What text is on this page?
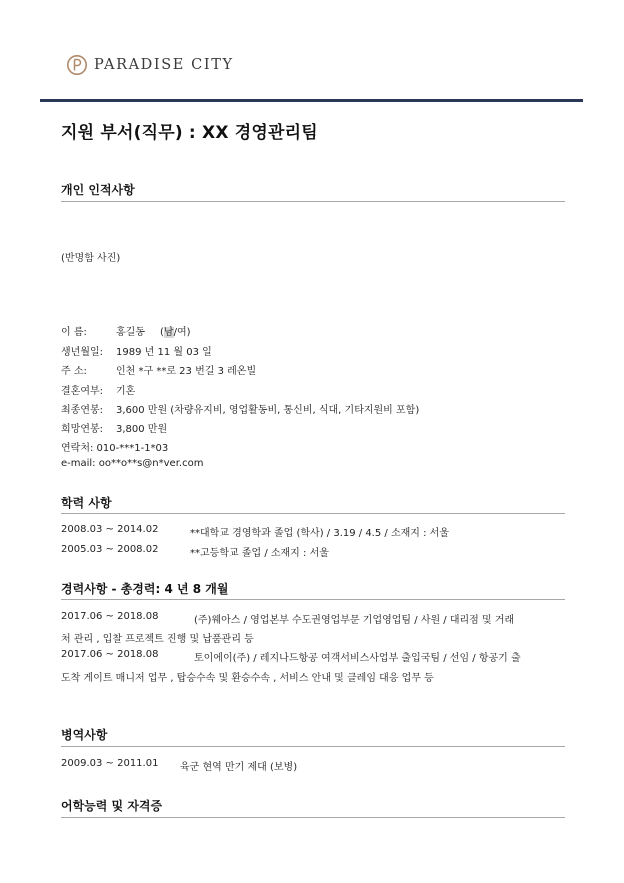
PARADISE CITY
지원 부서(직무) : XX 경영관리팀
개인 인적사항
(반명함 사진)
이 름:	홍길동 (남/여)
생년월일: 1989 년 11 월 03 일
주 소:	인천 *구 **로 23 번길 3 레온빌
결혼여부: 기혼
최종연봉: 3,600 만원 (차량유지비, 영업활동비, 통신비, 식대, 기타지원비 포함)
희망연봉: 3,800 만원
연락처: 010-***1-1*03
e-mail: oo**o**s@n*ver.com
학력 사항
2008.03 ~ 2014.02	**대학교 경영학과 졸업 (학사) / 3.19 / 4.5 / 소재지 : 서울
2005.03 ~ 2008.02	**고등학교 졸업 / 소재지 : 서울
경력사항 - 총경력: 4 년 8 개월
2017.06 ~ 2018.08	(주)웨아스 / 영업본부 수도권영업부문 기업영업팀 / 사원 / 대리점 및 거래
처 관리 , 입찰 프로젝트 진행 및 납품관리 등
2017.06 ~ 2018.08	토이에이(주) / 레지나드항공 여객서비스사업부 출입국팀 / 선임 / 항공기 출
도착 게이트 매니저 업무 , 탑승수속 및 환승수속 , 서비스 안내 및 클레임 대응 업무 등
병역사항
2009.03 ~ 2011.01 육군 현역 만기 제대 (보병)
어학능력 및 자격증
